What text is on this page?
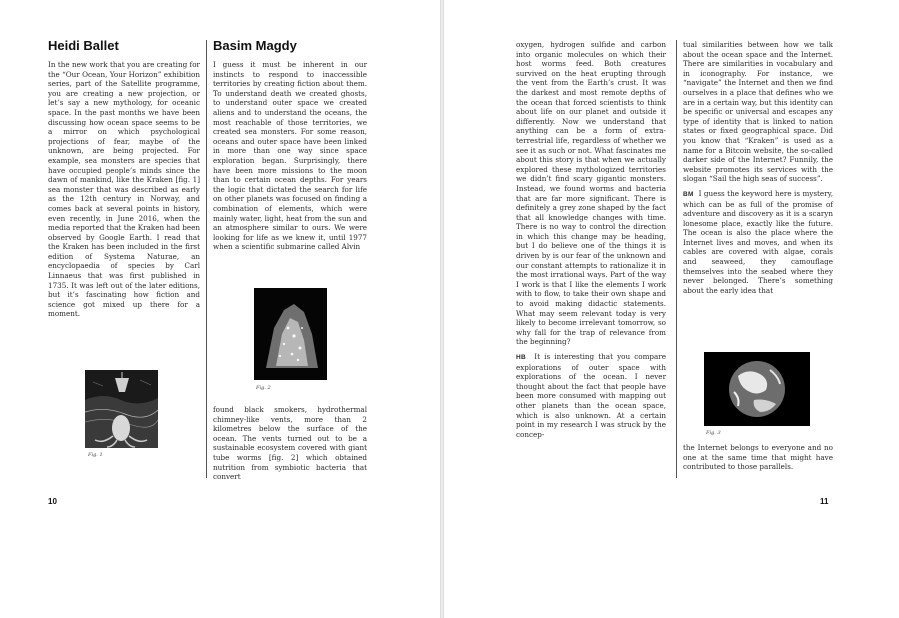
Heidi Ballet

In the new work that you are creating for the “Our Ocean, Your Horizon” exhibition series, part of the Satellite programme, you are creating a new projection, or let’s say a new mythology, for oceanic space. In the past months we have been discussing how ocean space seems to be a mirror on which psychological projections of fear, maybe of the unknown, are being projected. For example, sea monsters are species that have occupied people’s minds since the dawn of mankind, like the Kraken [fig. 1] sea monster that was described as early as the 12th century in Norway, and comes back at several points in history, even recently, in June 2016, when the media reported that the Kraken had been observed by Google Earth. I read that the Kraken has been included in the first edition of Systema Naturae, an encyclopaedia of species by Carl Linnaeus that was first published in 1735. It was left out of the later editions, but it’s fascinating how fiction and science got mixed up there for a moment.

Fig. 1
Basim Magdy

I guess it must be inherent in our instincts to respond to inaccessible territories by creating fiction about them. To understand death we created ghosts, to understand outer space we created aliens and to understand the oceans, the most reachable of those territories, we created sea monsters. For some reason, oceans and outer space have been linked in more than one way since space exploration began. Surprisingly, there have been more missions to the moon than to certain ocean depths. For years the logic that dictated the search for life on other planets was focused on finding a combination of elements, which were mainly water, light, heat from the sun and an atmosphere similar to ours. We were looking for life as we knew it, until 1977 when a scientific submarine called Alvin

Fig. 2

found black smokers, hydrothermal chimney-like vents, more than 2 kilometres below the surface of the ocean. The vents turned out to be a sustainable ecosystem covered with giant tube worms [fig. 2] which obtained nutrition from symbiotic bacteria that convert

10

oxygen, hydrogen sulfide and carbon into organic molecules on which their host worms feed. Both creatures survived on the heat erupting through the vent from the Earth’s crust. It was the darkest and most remote depths of the ocean that forced scientists to think about life on our planet and outside it differently. Now we understand that anything can be a form of extra-terrestrial life, regardless of whether we see it as such or not. What fascinates me about this story is that when we actually explored these mythologized territories we didn’t find scary gigantic monsters. Instead, we found worms and bacteria that are far more significant. There is definitely a grey zone shaped by the fact that all knowledge changes with time. There is no way to control the direction in which this change may be heading, but I do believe one of the things it is driven by is our fear of the unknown and our constant attempts to rationalize it in the most irrational ways. Part of the way I work is that I like the elements I work with to flow, to take their own shape and to avoid making didactic statements. What may seem relevant today is very likely to become irrelevant tomorrow, so why fall for the trap of relevance from the beginning?

HB It is interesting that you compare explorations of outer space with explorations of the ocean. I never thought about the fact that people have been more consumed with mapping out other planets than the ocean space, which is also unknown. At a certain point in my research I was struck by the concep-

tual similarities between how we talk about the ocean space and the Internet. There are similarities in vocabulary and in iconography. For instance, we “navigate” the Internet and then we find ourselves in a place that defines who we are in a certain way, but this identity can be specific or universal and escapes any type of identity that is linked to nation states or fixed geographical space. Did you know that “Kraken” is used as a name for a Bitcoin website, the so-called darker side of the Internet? Funnily, the website promotes its services with the slogan “Sail the high seas of success”.

BM I guess the keyword here is mystery, which can be as full of the promise of adventure and discovery as it is a scaryn lonesome place, exactly like the future. The ocean is also the place where the Internet lives and moves, and when its cables are covered with algae, corals and seaweed, they camouflage themselves into the seabed where they never belonged. There’s something about the early idea that

Fig. 3

the Internet belongs to everyone and no one at the same time that might have contributed to those parallels.

11
